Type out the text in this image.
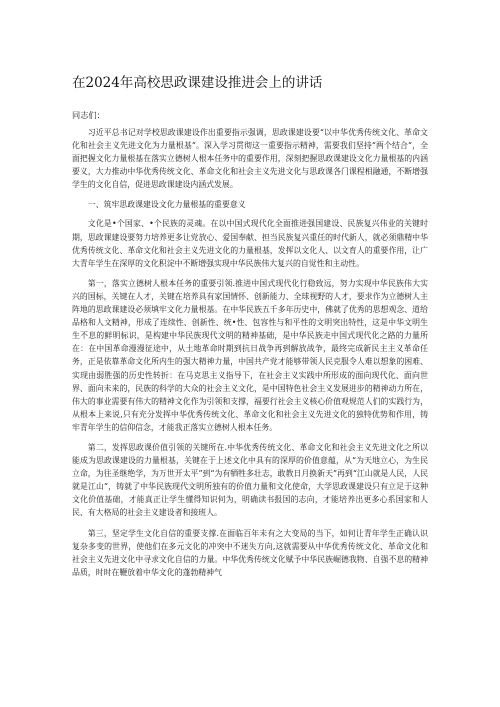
在2024年高校思政课建设推进会上的讲话
同志们：

习近平总书记对学校思政课建设作出重要指示强调，思政课建设要“以中华优秀传统文化、革命文化和社会主义先进文化为力量根基”。深入学习贯彻这一重要指示精神，需要我们坚持“两个结合”，全面把握文化力量根基在落实立德树人根本任务中的重要作用，深刻把握思政课建设文化力量根基的内涵要义，大力推动中华优秀传统文化、革命文化和社会主义先进文化与思政课各门课程相融通，不断增强学生的文化自信，促进思政课建设内涵式发展。

一、筑牢思政课建设文化力量根基的重要意义

文化是•个国家、•个民族的灵魂。在以中国式现代化全面推进强国建设、民族复兴伟业的关键时期，思政课建设要努力培养更多让党放心、爱国奉献、担当民族复兴重任的时代新人，就必须鼎精中华优秀传统文化、革命文化和社会主义先进文化的力量根基，发挥以文化人、以文育人的重要作用，让广大青年学生在深厚的文化积淀中不断增强实现中华民族伟大复兴的自觉性和主动性。

第一，落实立德树人根本任务的重要引领.推进中国式现代化行稳致远，努力实现中华民族伟大实兴的国标，关键在人才，关键在培养具有家国情怀、创新能力、全球视野的人才，要求作为立德树人主阵地的思政课建设必须填牢文化力量根基。在中华民族五千多年历史中，佛就了优秀的思想观念、道给品格和人文精神，形成了连续性、创新性、统•性、包容性与和平性的文明突出特性，这是中华文明生生不息的鲜明标识，是构建中华民族现代文明的精神基础，是中华民族走中国式现代化之路的力量所在：在中国革命漫漫征途中，从土地革命时期到抗日战争再到解放战争，最终完成新民主主义革命任务，正是依靠革命文化所内生的强大精神力量，中国共产党才能够带领人民克服令人难以想象的困难、实现由弱胜强的历史性转折：在马克思主义指导下，在社会主义实践中所形成的面向现代化、面向世界、面向未来的，民族的科学的大众的社会主义文化，是中国特色社会主义发展进步的精神动力所在，伟大的事业需要有伟大的精神文化作为引领和支撑，福要行社会主义核心价值观规范人们的实践行为，从根本上来说,只有充分发挥中华优秀传统文化、革命文化和社会主义先进文化的独特优势和作用，铸牢青年学生的信仰信念，才能我正落实立德树人根本任务。

第二，发挥思政课价值引领的关键所在.中华优秀传统文化、革命文化和社会主义先进文化之所以能成为思政课建设的力量根基，关键在于上述文化中具有的深厚的价值意蕴，从“为天地立心，为生民立命，为往圣继绝学，为万世开太平”到“为有牺牲多壮志，敢教日月换新天”再到“江山就是人民，人民就是江山”，铸就了中华民族现代文明所独有的价值力量和文化使命，大学思政课建设只有立足于这种文化价值基础，才能真正让学生懂得知识何为，明确读书报国的志向，才能培养出更多心系国家和人民、有大格局的社会主义建设者和接班人。

第三，坚定学生文化自信的重要支撑.在面临百年未有之大变局的当下，如何让青年学生正确认识复杂多变的世界，使他们在多元文化的冲突中不迷失方向,这就需要从中华优秀传统文化、革命文化和社会主义先进文化中寻求文化自信的力量。中华优秀传统文化赋予中华民族崛德我物、自强不息的精神品质，时时在鞭放着中华文化的蓬勃精神气
